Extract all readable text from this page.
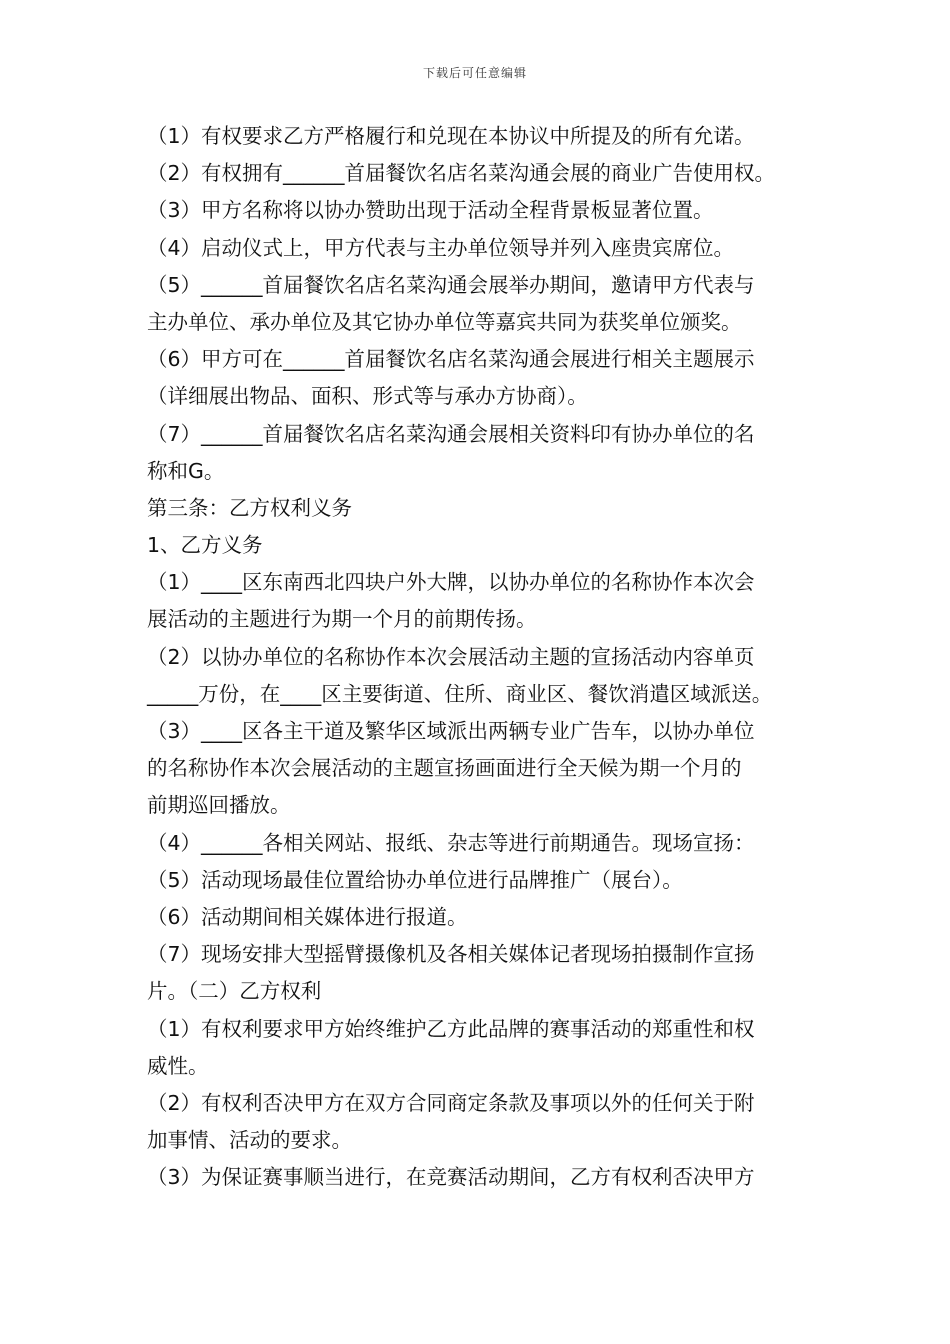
下载后可任意编辑
（1）有权要求乙方严格履行和兑现在本协议中所提及的所有允诺。
（2）有权拥有______首届餐饮名店名菜沟通会展的商业广告使用权。
（3）甲方名称将以协办赞助出现于活动全程背景板显著位置。
（4）启动仪式上，甲方代表与主办单位领导并列入座贵宾席位。
（5）______首届餐饮名店名菜沟通会展举办期间，邀请甲方代表与
主办单位、承办单位及其它协办单位等嘉宾共同为获奖单位颁奖。
（6）甲方可在______首届餐饮名店名菜沟通会展进行相关主题展示
（详细展出物品、面积、形式等与承办方协商）。
（7）______首届餐饮名店名菜沟通会展相关资料印有协办单位的名
称和G。
第三条：乙方权利义务
1、乙方义务
（1）____区东南西北四块户外大牌，以协办单位的名称协作本次会
展活动的主题进行为期一个月的前期传扬。
（2）以协办单位的名称协作本次会展活动主题的宣扬活动内容单页
_____万份，在____区主要街道、住所、商业区、餐饮消遣区域派送。
（3）____区各主干道及繁华区域派出两辆专业广告车，以协办单位
的名称协作本次会展活动的主题宣扬画面进行全天候为期一个月的
前期巡回播放。
（4）______各相关网站、报纸、杂志等进行前期通告。现场宣扬：
（5）活动现场最佳位置给协办单位进行品牌推广（展台）。
（6）活动期间相关媒体进行报道。
（7）现场安排大型摇臂摄像机及各相关媒体记者现场拍摄制作宣扬
片。（二）乙方权利
（1）有权利要求甲方始终维护乙方此品牌的赛事活动的郑重性和权
威性。
（2）有权利否决甲方在双方合同商定条款及事项以外的任何关于附
加事情、活动的要求。
（3）为保证赛事顺当进行，在竞赛活动期间，乙方有权利否决甲方
